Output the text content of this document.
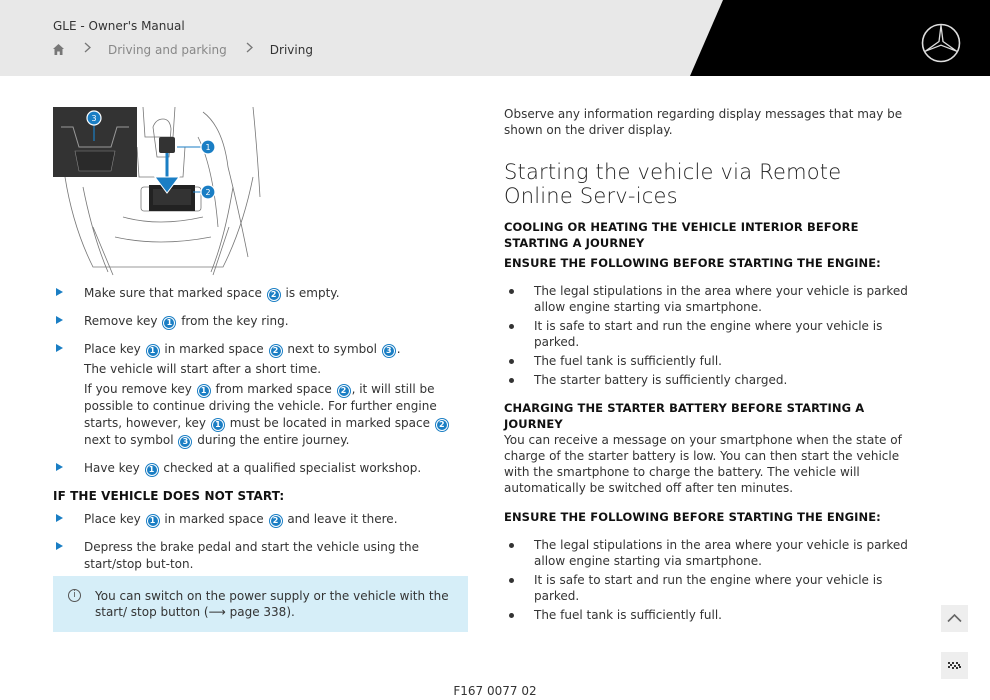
GLE - Owner's Manual
Driving and parking	Driving
3
1
2

Make sure that marked space 2 is empty.

Remove key 1 from the key ring.

Place key 1 in marked space 2 next to symbol 3 .

The vehicle will start after a short time.

If you remove key 1 from marked space 2 , it will still be possible to continue driving the vehicle. For further engine starts, however, key 1 must be located in marked space 2 next to symbol 3 during the entire journey.

Have key 1 checked at a qualified specialist workshop.

IF THE VEHICLE DOES NOT START:

Place key 1 in marked space 2 and leave it there.

Depress the brake pedal and start the vehicle using the start/stop but-ton.

i	You can switch on the power supply or the vehicle with the start/ stop button (⟶ page 338).

Observe any information regarding display messages that may be shown on the driver display.

Starting the vehicle via Remote Online Serv-ices
COOLING OR HEATING THE VEHICLE INTERIOR BEFORE STARTING A JOURNEY
ENSURE THE FOLLOWING BEFORE STARTING THE ENGINE:
The legal stipulations in the area where your vehicle is parked allow engine starting via smartphone.
It is safe to start and run the engine where your vehicle is parked.
The fuel tank is sufficiently full.
The starter battery is sufficiently charged.
CHARGING THE STARTER BATTERY BEFORE STARTING A JOURNEY

You can receive a message on your smartphone when the state of charge of the starter battery is low. You can then start the vehicle with the smartphone to charge the battery. The vehicle will automatically be switched off after ten minutes.

ENSURE THE FOLLOWING BEFORE STARTING THE ENGINE:
The legal stipulations in the area where your vehicle is parked allow engine starting via smartphone.
It is safe to start and run the engine where your vehicle is parked.
The fuel tank is sufficiently full.
F167 0077 02
